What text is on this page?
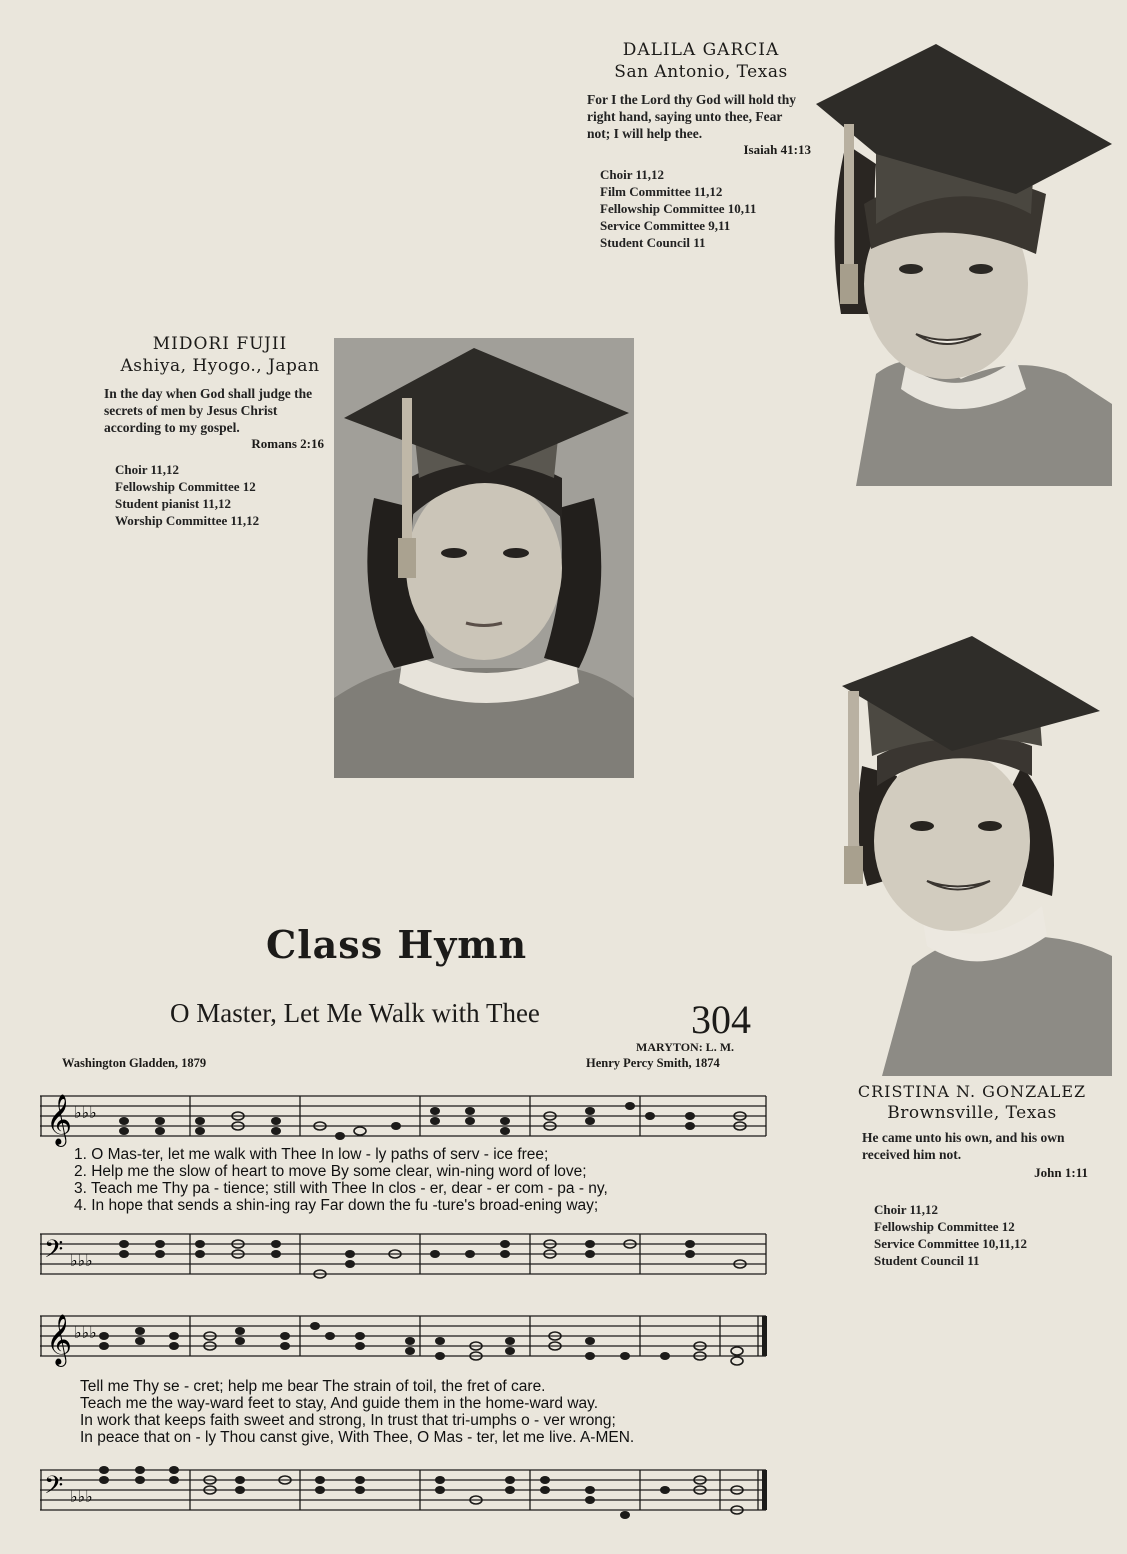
DALILA GARCIA
San Antonio, Texas
For I the Lord thy God will hold thy
right hand, saying unto thee, Fear
not; I will help thee.
Isaiah 41:13
Choir 11,12
Film Committee 11,12
Fellowship Committee 10,11
Service Committee 9,11
Student Council 11
MIDORI FUJII
Ashiya, Hyogo., Japan
In the day when God shall judge the
secrets of men by Jesus Christ
according to my gospel.
Romans 2:16
Choir 11,12
Fellowship Committee 12
Student pianist 11,12
Worship Committee 11,12
CRISTINA N. GONZALEZ
Brownsville, Texas
He came unto his own, and his own
received him not.
John 1:11
Choir 11,12
Fellowship Committee 12
Service Committee 10,11,12
Student Council 11
Class Hymn
O Master, Let Me Walk with Thee	304
MARYTON: L. M.
Washington Gladden, 1879	Henry Percy Smith, 1874
𝄞 ♭♭♭
1. O Mas-ter, let me walk with Thee In low - ly paths of serv - ice free;
2. Help me the slow of heart to move By some clear, win-ning word of love;
3. Teach me Thy pa - tience; still with Thee In clos - er, dear - er com - pa - ny,
4. In hope that sends a shin-ing ray Far down the fu -ture's broad-ening way;
𝄢 ♭♭♭
𝄞 ♭♭♭
Tell me Thy se - cret; help me bear The strain of toil, the fret of care.
Teach me the way-ward feet to stay, And guide them in the home-ward way.
In work that keeps faith sweet and strong, In trust that tri-umphs o - ver wrong;
In peace that on - ly Thou canst give, With Thee, O Mas - ter, let me live. A-MEN.
𝄢 ♭♭♭
